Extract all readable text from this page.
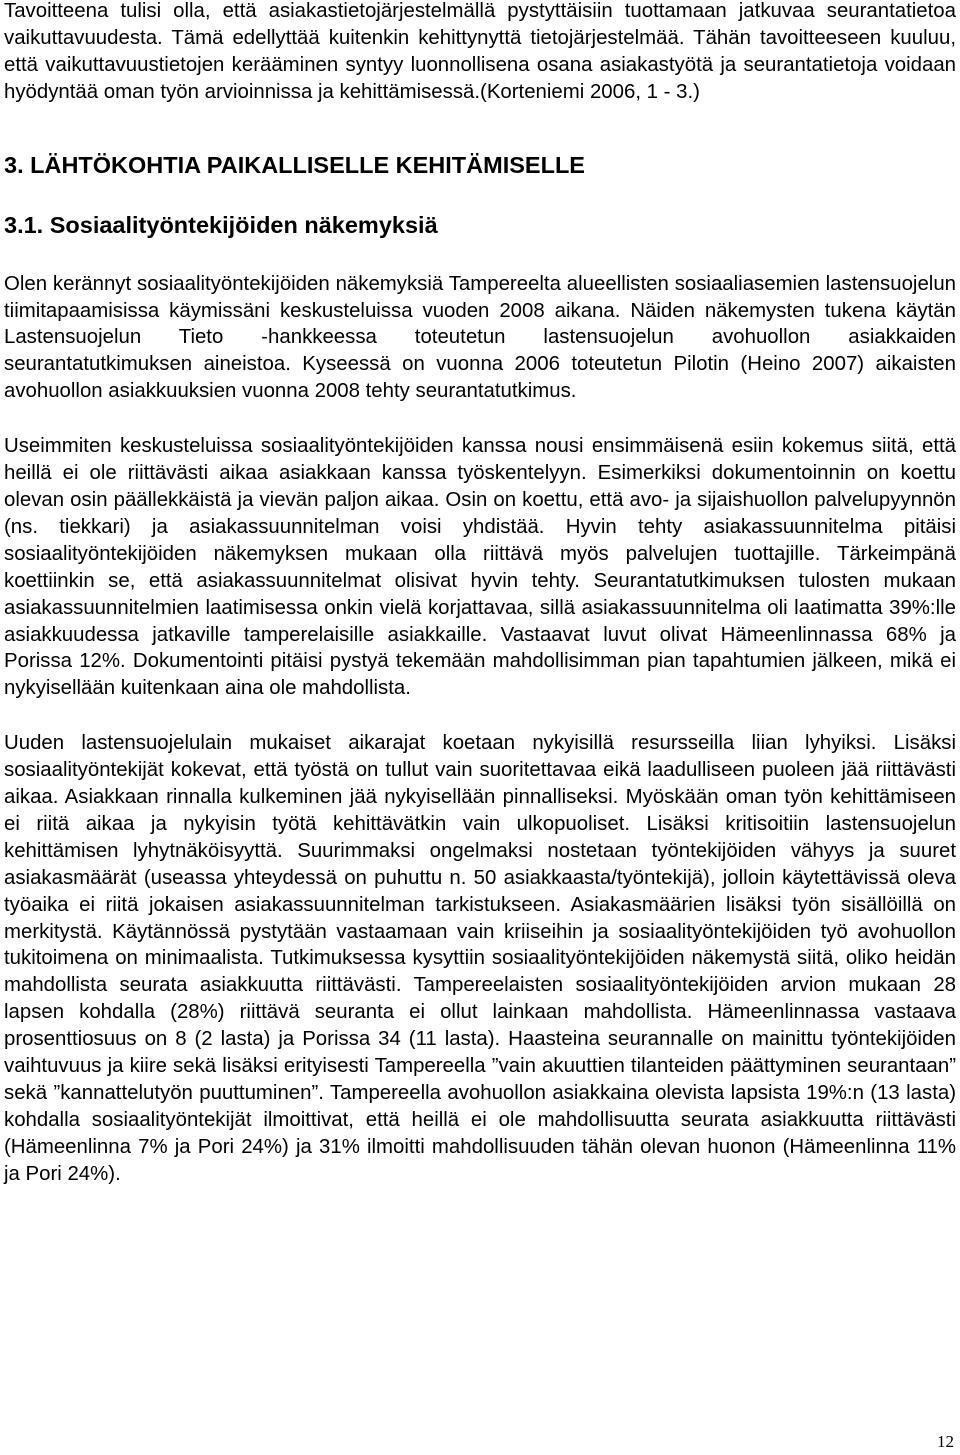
Tavoitteena tulisi olla, että asiakastietojärjestelmällä pystyttäisiin tuottamaan jatkuvaa seurantatietoa vaikuttavuudesta. Tämä edellyttää kuitenkin kehittynyttä tietojärjestelmää. Tähän tavoitteeseen kuuluu, että vaikuttavuustietojen kerääminen syntyy luonnollisena osana asiakastyötä ja seurantatietoja voidaan hyödyntää oman työn arvioinnissa ja kehittämisessä.(Korteniemi 2006, 1 - 3.)

3. LÄHTÖKOHTIA PAIKALLISELLE KEHITÄMISELLE
3.1. Sosiaalityöntekijöiden näkemyksiä

Olen kerännyt sosiaalityöntekijöiden näkemyksiä Tampereelta alueellisten sosiaaliasemien lastensuojelun tiimitapaamisissa käymissäni keskusteluissa vuoden 2008 aikana. Näiden näkemysten tukena käytän Lastensuojelun Tieto -hankkeessa toteutetun lastensuojelun avohuollon asiakkaiden seurantatutkimuksen aineistoa. Kyseessä on vuonna 2006 toteutetun Pilotin (Heino 2007) aikaisten avohuollon asiakkuuksien vuonna 2008 tehty seurantatutkimus.

Useimmiten keskusteluissa sosiaalityöntekijöiden kanssa nousi ensimmäisenä esiin kokemus siitä, että heillä ei ole riittävästi aikaa asiakkaan kanssa työskentelyyn. Esimerkiksi dokumentoinnin on koettu olevan osin päällekkäistä ja vievän paljon aikaa. Osin on koettu, että avo- ja sijaishuollon palvelupyynnön (ns. tiekkari) ja asiakassuunnitelman voisi yhdistää. Hyvin tehty asiakassuunnitelma pitäisi sosiaalityöntekijöiden näkemyksen mukaan olla riittävä myös palvelujen tuottajille. Tärkeimpänä koettiinkin se, että asiakassuunnitelmat olisivat hyvin tehty. Seurantatutkimuksen tulosten mukaan asiakassuunnitelmien laatimisessa onkin vielä korjattavaa, sillä asiakassuunnitelma oli laatimatta 39%:lle asiakkuudessa jatkaville tamperelaisille asiakkaille. Vastaavat luvut olivat Hämeenlinnassa 68% ja Porissa 12%. Dokumentointi pitäisi pystyä tekemään mahdollisimman pian tapahtumien jälkeen, mikä ei nykyisellään kuitenkaan aina ole mahdollista.

Uuden lastensuojelulain mukaiset aikarajat koetaan nykyisillä resursseilla liian lyhyiksi. Lisäksi sosiaalityöntekijät kokevat, että työstä on tullut vain suoritettavaa eikä laadulliseen puoleen jää riittävästi aikaa. Asiakkaan rinnalla kulkeminen jää nykyisellään pinnalliseksi. Myöskään oman työn kehittämiseen ei riitä aikaa ja nykyisin työtä kehittävätkin vain ulkopuoliset. Lisäksi kritisoitiin lastensuojelun kehittämisen lyhytnäköisyyttä. Suurimmaksi ongelmaksi nostetaan työntekijöiden vähyys ja suuret asiakasmäärät (useassa yhteydessä on puhuttu n. 50 asiakkaasta/työntekijä), jolloin käytettävissä oleva työaika ei riitä jokaisen asiakassuunnitelman tarkistukseen. Asiakasmäärien lisäksi työn sisällöillä on merkitystä. Käytännössä pystytään vastaamaan vain kriiseihin ja sosiaalityöntekijöiden työ avohuollon tukitoimena on minimaalista. Tutkimuksessa kysyttiin sosiaalityöntekijöiden näkemystä siitä, oliko heidän mahdollista seurata asiakkuutta riittävästi. Tampereelaisten sosiaalityöntekijöiden arvion mukaan 28 lapsen kohdalla (28%) riittävä seuranta ei ollut lainkaan mahdollista. Hämeenlinnassa vastaava prosenttiosuus on 8 (2 lasta) ja Porissa 34 (11 lasta). Haasteina seurannalle on mainittu työntekijöiden vaihtuvuus ja kiire sekä lisäksi erityisesti Tampereella ”vain akuuttien tilanteiden päättyminen seurantaan” sekä ”kannattelutyön puuttuminen”. Tampereella avohuollon asiakkaina olevista lapsista 19%:n (13 lasta) kohdalla sosiaalityöntekijät ilmoittivat, että heillä ei ole mahdollisuutta seurata asiakkuutta riittävästi (Hämeenlinna 7% ja Pori 24%) ja 31% ilmoitti mahdollisuuden tähän olevan huonon (Hämeenlinna 11% ja Pori 24%).

12
